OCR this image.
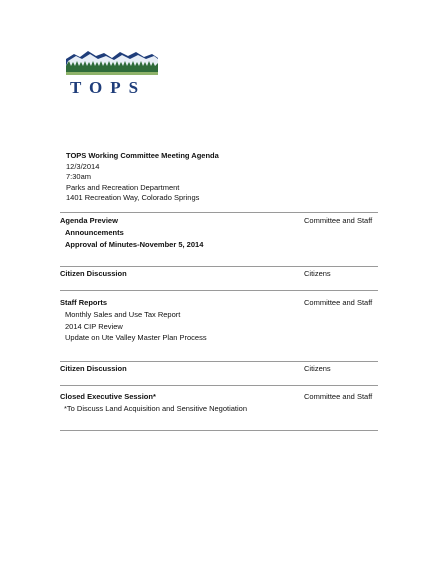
TOPS
TOPS Working Committee Meeting Agenda
12/3/2014
7:30am
Parks and Recreation Department
1401 Recreation Way, Colorado Springs
Agenda Preview	Committee and Staff
Announcements
Approval of Minutes-November 5, 2014
Citizen Discussion	Citizens
Staff Reports	Committee and Staff
Monthly Sales and Use Tax Report
2014 CIP Review
Update on Ute Valley Master Plan Process
Citizen Discussion	Citizens
Closed Executive Session*	Committee and Staff
*To Discuss Land Acquisition and Sensitive Negotiation
